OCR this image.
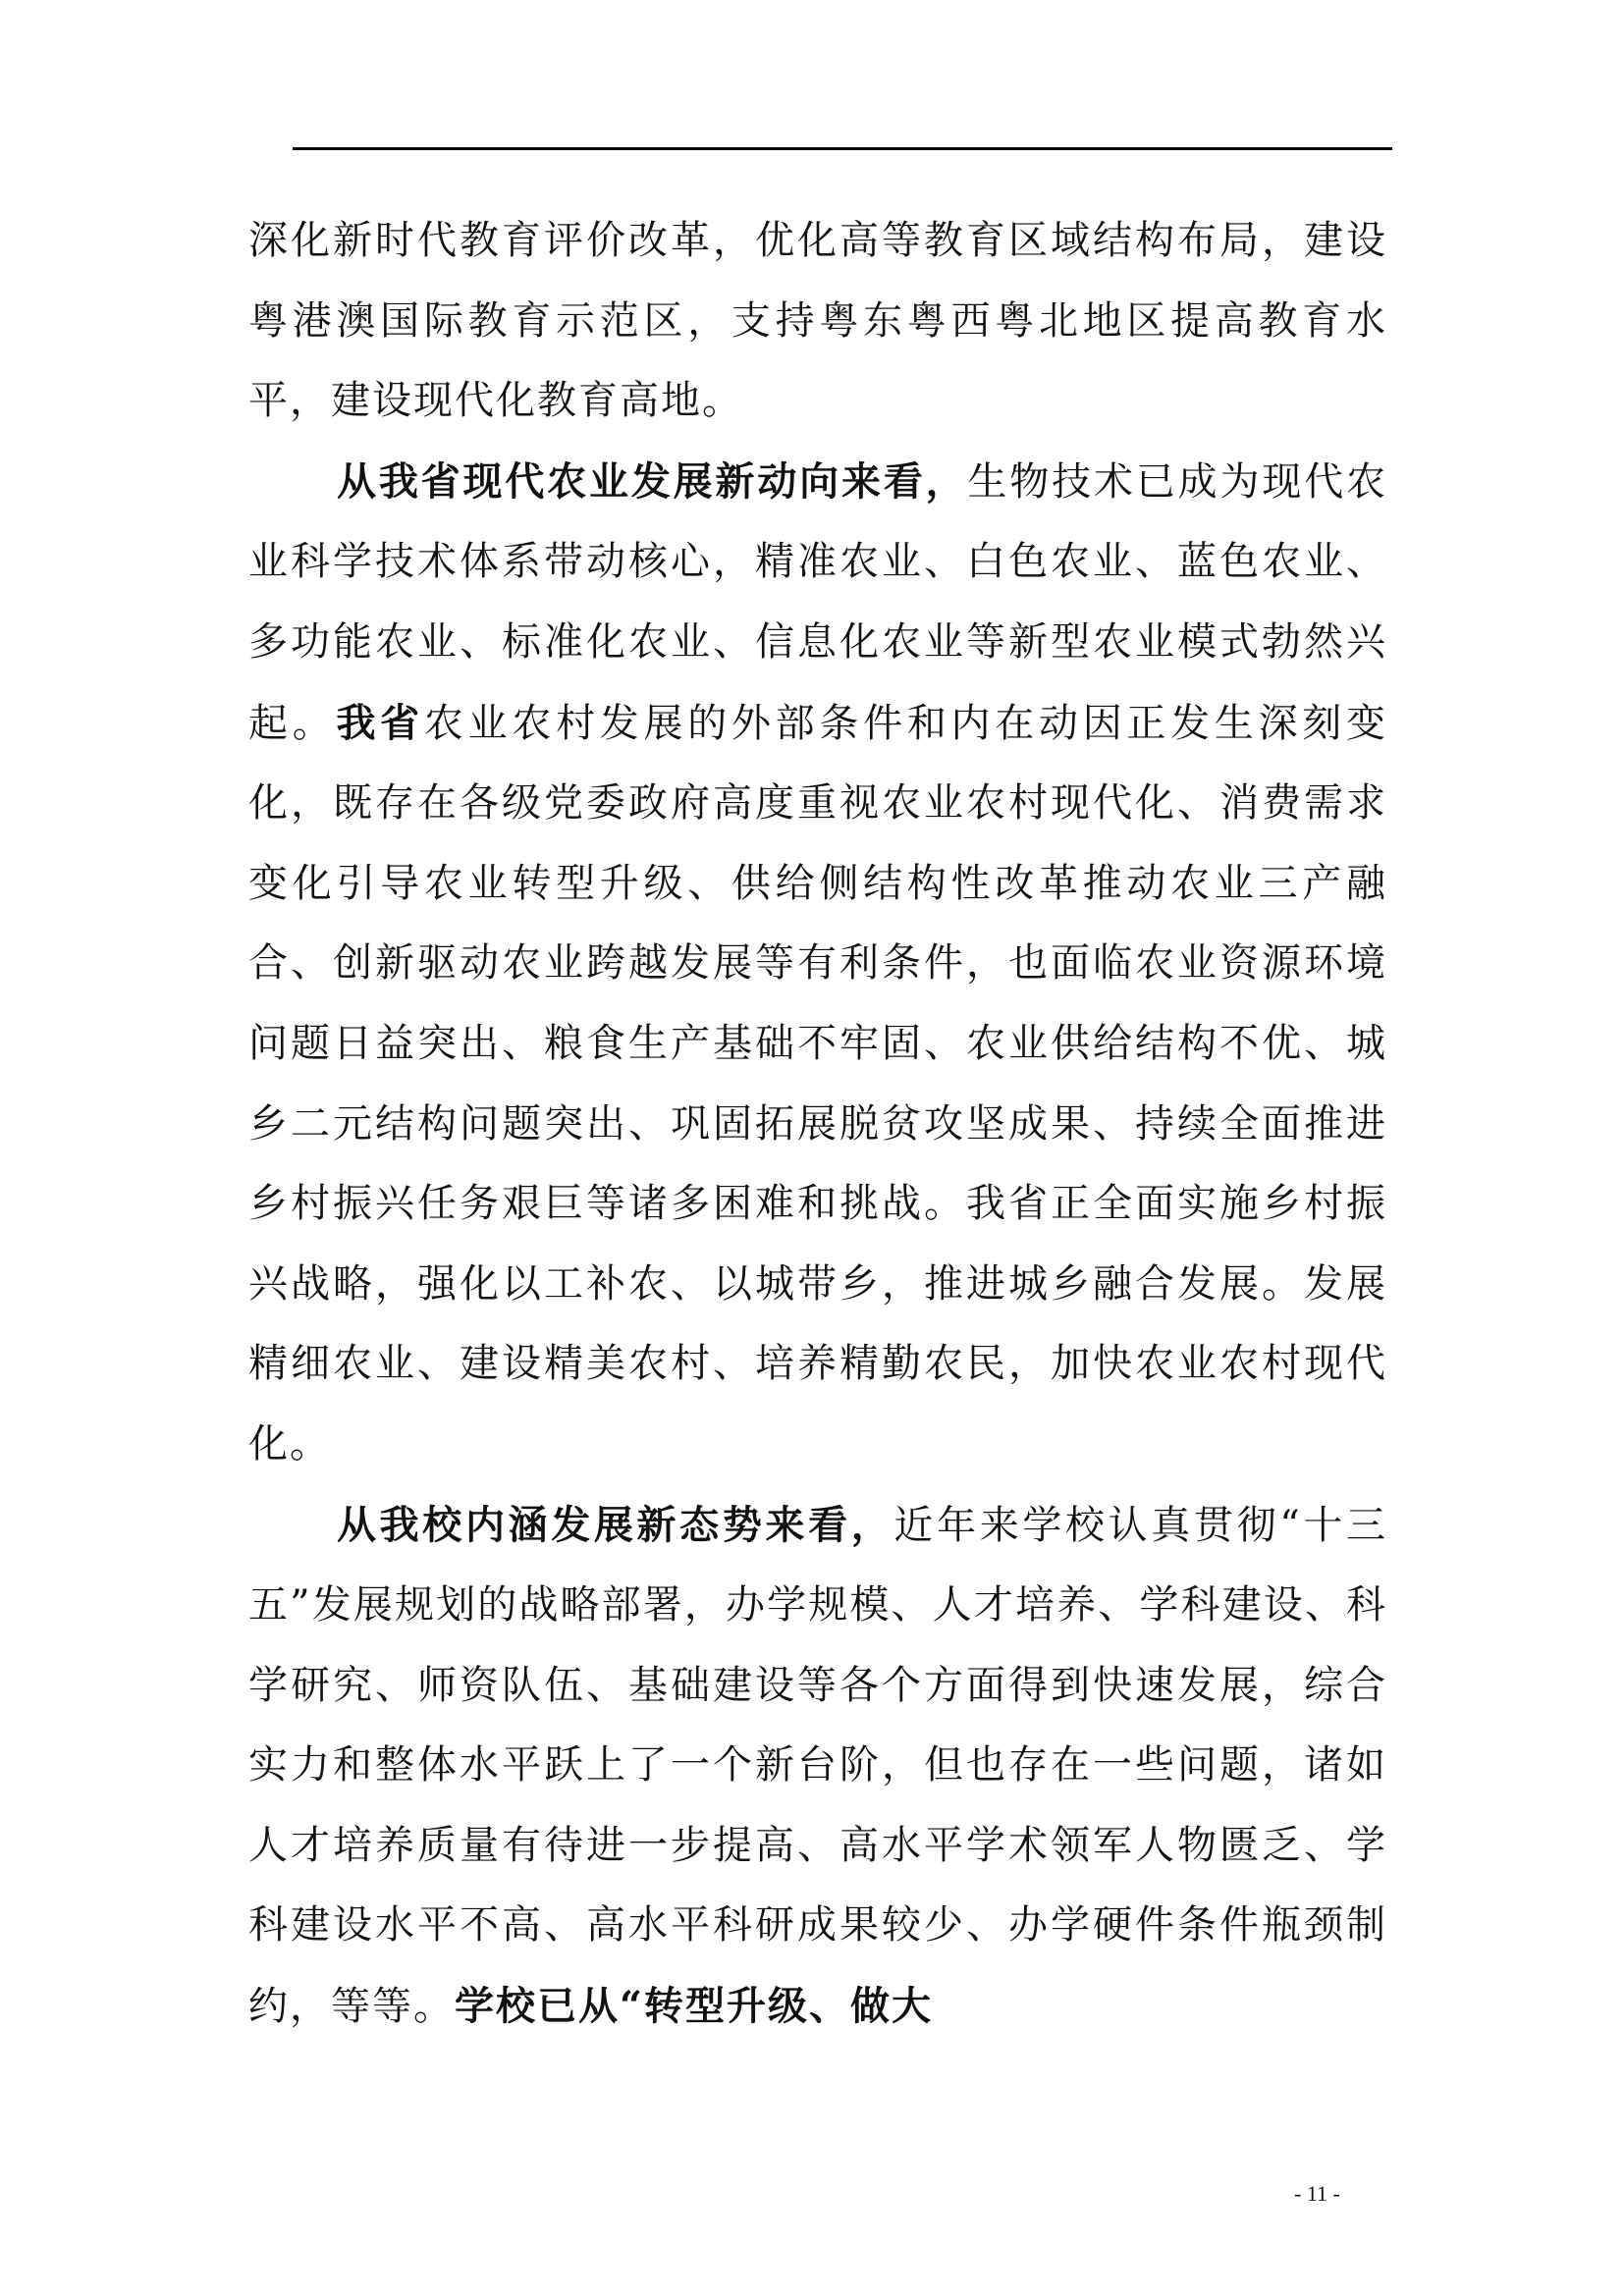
深化新时代教育评价改革，优化高等教育区域结构布局，建设粤港澳国际教育示范区，支持粤东粤西粤北地区提高教育水平，建设现代化教育高地。

从我省现代农业发展新动向来看，生物技术已成为现代农业科学技术体系带动核心，精准农业、白色农业、蓝色农业、多功能农业、标准化农业、信息化农业等新型农业模式勃然兴起。我省农业农村发展的外部条件和内在动因正发生深刻变化，既存在各级党委政府高度重视农业农村现代化、消费需求变化引导农业转型升级、供给侧结构性改革推动农业三产融合、创新驱动农业跨越发展等有利条件，也面临农业资源环境问题日益突出、粮食生产基础不牢固、农业供给结构不优、城乡二元结构问题突出、巩固拓展脱贫攻坚成果、持续全面推进乡村振兴任务艰巨等诸多困难和挑战。我省正全面实施乡村振兴战略，强化以工补农、以城带乡，推进城乡融合发展。发展精细农业、建设精美农村、培养精勤农民，加快农业农村现代化。

从我校内涵发展新态势来看，近年来学校认真贯彻“十三五”发展规划的战略部署，办学规模、人才培养、学科建设、科学研究、师资队伍、基础建设等各个方面得到快速发展，综合实力和整体水平跃上了一个新台阶，但也存在一些问题，诸如人才培养质量有待进一步提高、高水平学术领军人物匮乏、学科建设水平不高、高水平科研成果较少、办学硬件条件瓶颈制约，等等。学校已从“转型升级、做大

- 11 -
